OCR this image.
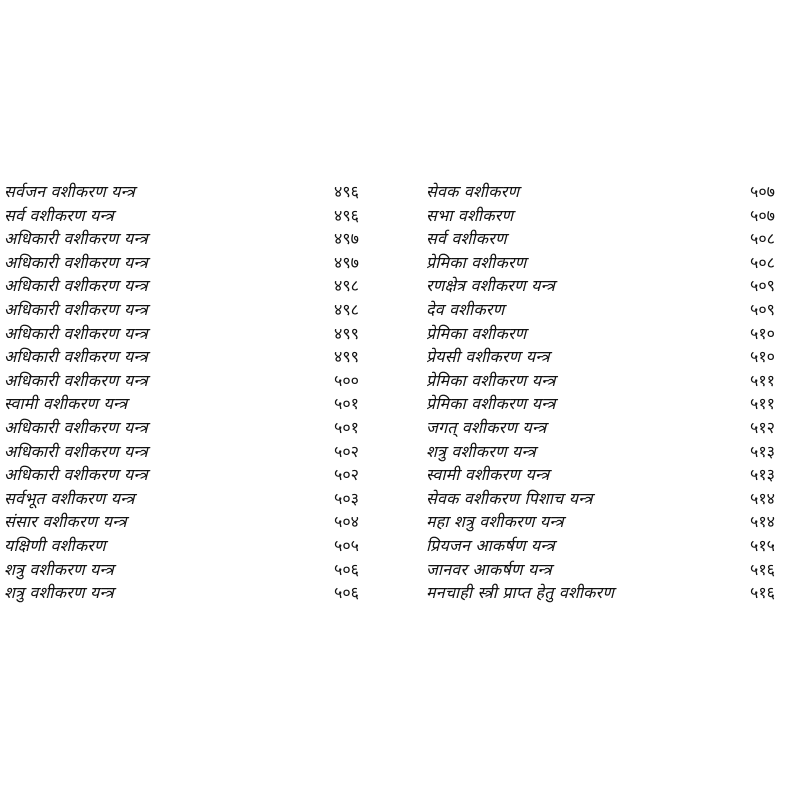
सर्वजन वशीकरण यन्त्र	४९६
सर्व वशीकरण यन्त्र	४९६
अधिकारी वशीकरण यन्त्र	४९७
अधिकारी वशीकरण यन्त्र	४९७
अधिकारी वशीकरण यन्त्र	४९८
अधिकारी वशीकरण यन्त्र	४९८
अधिकारी वशीकरण यन्त्र	४९९
अधिकारी वशीकरण यन्त्र	४९९
अधिकारी वशीकरण यन्त्र	५००
स्वामी वशीकरण यन्त्र	५०१
अधिकारी वशीकरण यन्त्र	५०१
अधिकारी वशीकरण यन्त्र	५०२
अधिकारी वशीकरण यन्त्र	५०२
सर्वभूत वशीकरण यन्त्र	५०३
संसार वशीकरण यन्त्र	५०४
यक्षिणी वशीकरण	५०५
शत्रु वशीकरण यन्त्र	५०६
शत्रु वशीकरण यन्त्र	५०६
सेवक वशीकरण	५०७
सभा वशीकरण	५०७
सर्व वशीकरण	५०८
प्रेमिका वशीकरण	५०८
रणक्षेत्र वशीकरण यन्त्र	५०९
देव वशीकरण	५०९
प्रेमिका वशीकरण	५१०
प्रेयसी वशीकरण यन्त्र	५१०
प्रेमिका वशीकरण यन्त्र	५११
प्रेमिका वशीकरण यन्त्र	५११
जगत् वशीकरण यन्त्र	५१२
शत्रु वशीकरण यन्त्र	५१३
स्वामी वशीकरण यन्त्र	५१३
सेवक वशीकरण पिशाच यन्त्र	५१४
महा शत्रु वशीकरण यन्त्र	५१४
प्रियजन आकर्षण यन्त्र	५१५
जानवर आकर्षण यन्त्र	५१६
मनचाही स्त्री प्राप्त हेतु वशीकरण	५१६
